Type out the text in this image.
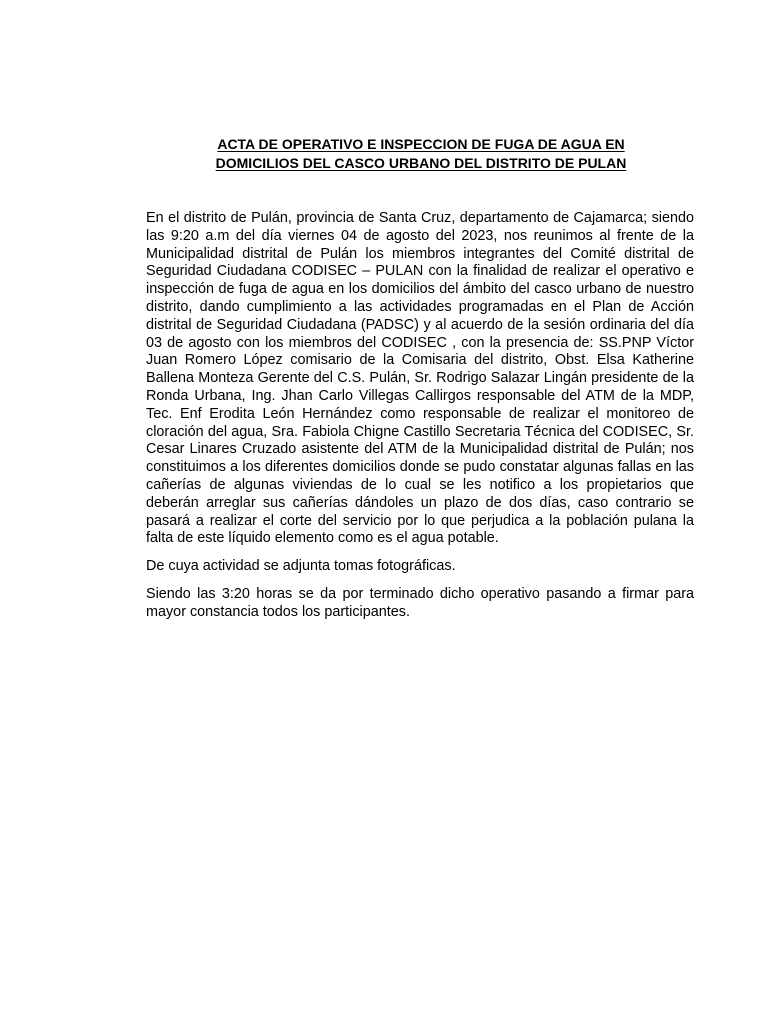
ACTA DE OPERATIVO E INSPECCION DE FUGA DE AGUA EN
DOMICILIOS DEL CASCO URBANO DEL DISTRITO DE PULAN

En el distrito de Pulán, provincia de Santa Cruz, departamento de Cajamarca; siendo las 9:20 a.m del día viernes 04 de agosto del 2023, nos reunimos al frente de la Municipalidad distrital de Pulán los miembros integrantes del Comité distrital de Seguridad Ciudadana CODISEC – PULAN con la finalidad de realizar el operativo e inspección de fuga de agua en los domicilios del ámbito del casco urbano de nuestro distrito, dando cumplimiento a las actividades programadas en el Plan de Acción distrital de Seguridad Ciudadana (PADSC) y al acuerdo de la sesión ordinaria del día 03 de agosto con los miembros del CODISEC , con la presencia de: SS.PNP Víctor Juan Romero López comisario de la Comisaria del distrito, Obst. Elsa Katherine Ballena Monteza Gerente del C.S. Pulán, Sr. Rodrigo Salazar Lingán presidente de la Ronda Urbana, Ing. Jhan Carlo Villegas Callirgos responsable del ATM de la MDP, Tec. Enf Erodita León Hernández como responsable de realizar el monitoreo de cloración del agua, Sra. Fabiola Chigne Castillo Secretaria Técnica del CODISEC, Sr. Cesar Linares Cruzado asistente del ATM de la Municipalidad distrital de Pulán; nos constituimos a los diferentes domicilios donde se pudo constatar algunas fallas en las cañerías de algunas viviendas de lo cual se les notifico a los propietarios que deberán arreglar sus cañerías dándoles un plazo de dos días, caso contrario se pasará a realizar el corte del servicio por lo que perjudica a la población pulana la falta de este líquido elemento como es el agua potable.

De cuya actividad se adjunta tomas fotográficas.

Siendo las 3:20 horas se da por terminado dicho operativo pasando a firmar para mayor constancia todos los participantes.
